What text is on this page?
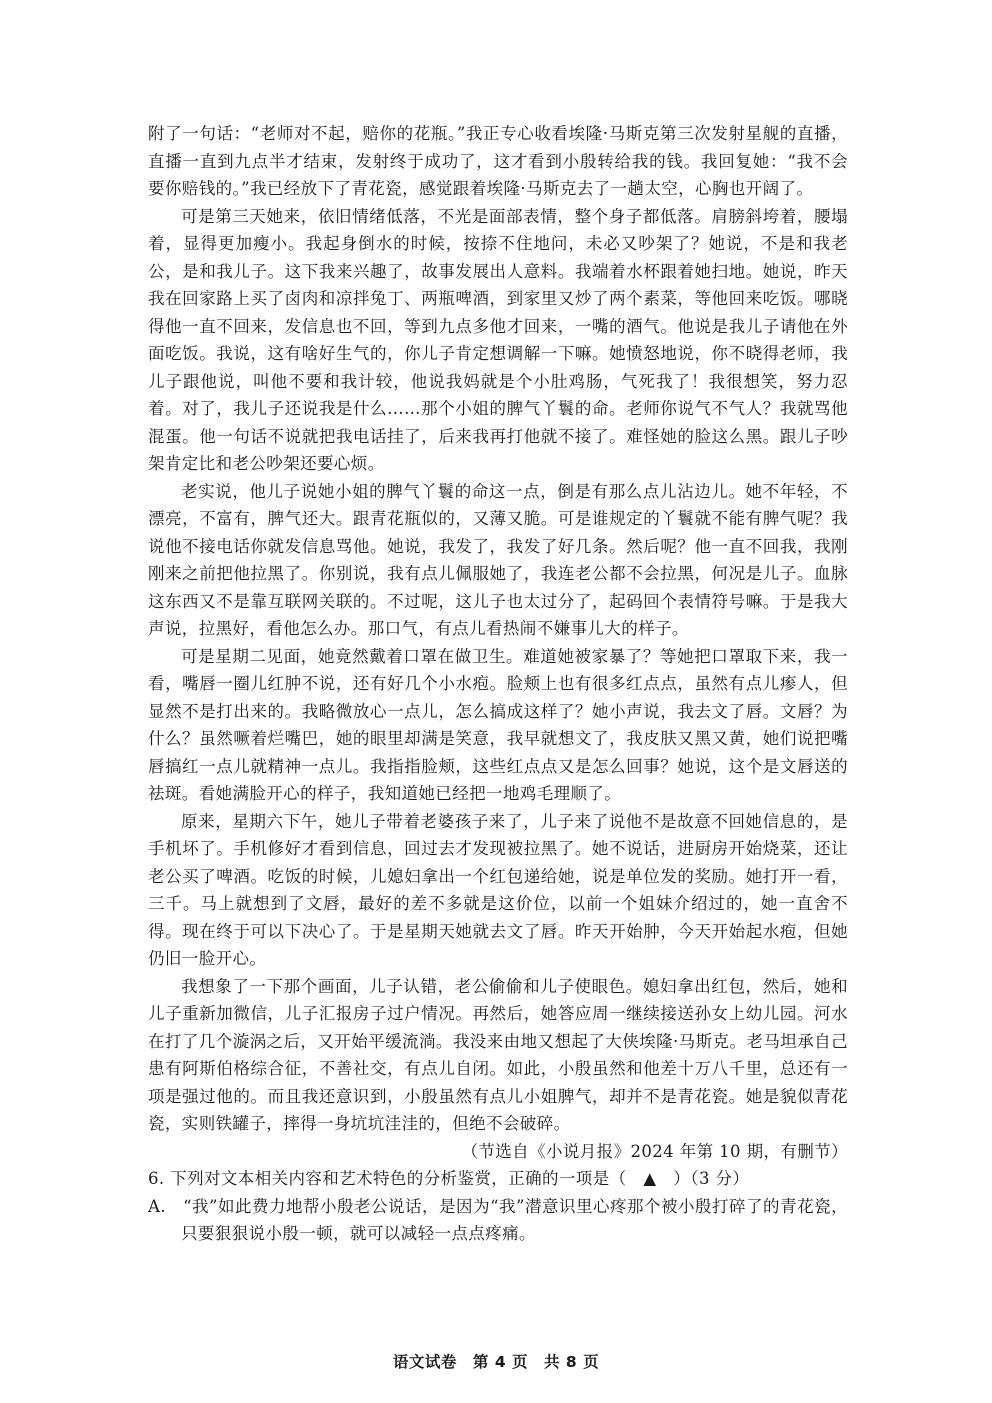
附了一句话：“老师对不起，赔你的花瓶。”我正专心收看埃隆·马斯克第三次发射星舰的直播，直播一直到九点半才结束，发射终于成功了，这才看到小殷转给我的钱。我回复她：“我不会要你赔钱的。”我已经放下了青花瓷，感觉跟着埃隆·马斯克去了一趟太空，心胸也开阔了。

可是第三天她来，依旧情绪低落，不光是面部表情，整个身子都低落。肩膀斜垮着，腰塌着，显得更加瘦小。我起身倒水的时候，按捺不住地问，未必又吵架了？她说，不是和我老公，是和我儿子。这下我来兴趣了，故事发展出人意料。我端着水杯跟着她扫地。她说，昨天我在回家路上买了卤肉和凉拌兔丁、两瓶啤酒，到家里又炒了两个素菜，等他回来吃饭。哪晓得他一直不回来，发信息也不回，等到九点多他才回来，一嘴的酒气。他说是我儿子请他在外面吃饭。我说，这有啥好生气的，你儿子肯定想调解一下嘛。她愤怒地说，你不晓得老师，我儿子跟他说，叫他不要和我计较，他说我妈就是个小肚鸡肠，气死我了！我很想笑，努力忍着。对了，我儿子还说我是什么……那个小姐的脾气丫鬟的命。老师你说气不气人？我就骂他混蛋。他一句话不说就把我电话挂了，后来我再打他就不接了。难怪她的脸这么黑。跟儿子吵架肯定比和老公吵架还要心烦。

老实说，他儿子说她小姐的脾气丫鬟的命这一点，倒是有那么点儿沾边儿。她不年轻，不漂亮，不富有，脾气还大。跟青花瓶似的，又薄又脆。可是谁规定的丫鬟就不能有脾气呢？我说他不接电话你就发信息骂他。她说，我发了，我发了好几条。然后呢？他一直不回我，我刚刚来之前把他拉黑了。你别说，我有点儿佩服她了，我连老公都不会拉黑，何况是儿子。血脉这东西又不是靠互联网关联的。不过呢，这儿子也太过分了，起码回个表情符号嘛。于是我大声说，拉黑好，看他怎么办。那口气，有点儿看热闹不嫌事儿大的样子。

可是星期二见面，她竟然戴着口罩在做卫生。难道她被家暴了？等她把口罩取下来，我一看，嘴唇一圈儿红肿不说，还有好几个小水疱。脸颊上也有很多红点点，虽然有点儿瘆人，但显然不是打出来的。我略微放心一点儿，怎么搞成这样了？她小声说，我去文了唇。文唇？为什么？虽然噘着烂嘴巴，她的眼里却满是笑意，我早就想文了，我皮肤又黑又黄，她们说把嘴唇搞红一点儿就精神一点儿。我指指脸颊，这些红点点又是怎么回事？她说，这个是文唇送的祛斑。看她满脸开心的样子，我知道她已经把一地鸡毛理顺了。

原来，星期六下午，她儿子带着老婆孩子来了，儿子来了说他不是故意不回她信息的，是手机坏了。手机修好才看到信息，回过去才发现被拉黑了。她不说话，进厨房开始烧菜，还让老公买了啤酒。吃饭的时候，儿媳妇拿出一个红包递给她，说是单位发的奖励。她打开一看，三千。马上就想到了文唇，最好的差不多就是这价位，以前一个姐妹介绍过的，她一直舍不得。现在终于可以下决心了。于是星期天她就去文了唇。昨天开始肿，今天开始起水疱，但她仍旧一脸开心。

我想象了一下那个画面，儿子认错，老公偷偷和儿子使眼色。媳妇拿出红包，然后，她和儿子重新加微信，儿子汇报房子过户情况。再然后，她答应周一继续接送孙女上幼儿园。河水在打了几个漩涡之后，又开始平缓流淌。我没来由地又想起了大侠埃隆·马斯克。老马坦承自己患有阿斯伯格综合征，不善社交，有点儿自闭。如此，小殷虽然和他差十万八千里，总还有一项是强过他的。而且我还意识到，小殷虽然有点儿小姐脾气，却并不是青花瓷。她是貌似青花瓷，实则铁罐子，摔得一身坑坑洼洼的，但绝不会破碎。

（节选自《小说月报》2024 年第 10 期，有删节）

6. 下列对文本相关内容和艺术特色的分析鉴赏，正确的一项是（　▲　）（3 分）

A.　“我”如此费力地帮小殷老公说话，是因为“我”潜意识里心疼那个被小殷打碎了的青花瓷，只要狠狠说小殷一顿，就可以减轻一点点疼痛。

语文试卷　第 4 页　共 8 页
